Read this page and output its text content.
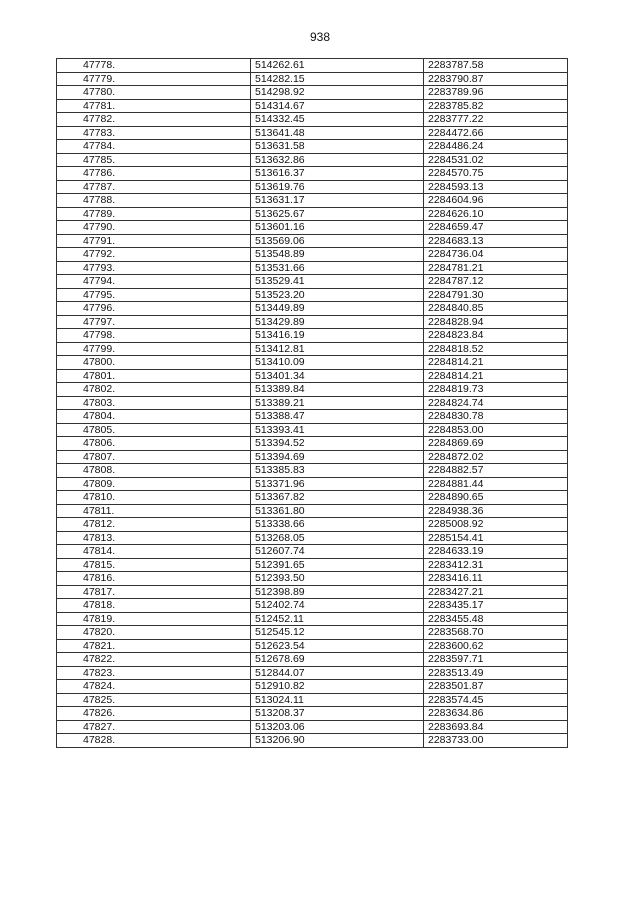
938
47778.	514262.61	2283787.58
47779.	514282.15	2283790.87
47780.	514298.92	2283789.96
47781.	514314.67	2283785.82
47782.	514332.45	2283777.22
47783.	513641.48	2284472.66
47784.	513631.58	2284486.24
47785.	513632.86	2284531.02
47786.	513616.37	2284570.75
47787.	513619.76	2284593.13
47788.	513631.17	2284604.96
47789.	513625.67	2284626.10
47790.	513601.16	2284659.47
47791.	513569.06	2284683.13
47792.	513548.89	2284736.04
47793.	513531.66	2284781.21
47794.	513529.41	2284787.12
47795.	513523.20	2284791.30
47796.	513449.89	2284840.85
47797.	513429.89	2284828.94
47798.	513416.19	2284823.84
47799.	513412.81	2284818.52
47800.	513410.09	2284814.21
47801.	513401.34	2284814.21
47802.	513389.84	2284819.73
47803.	513389.21	2284824.74
47804.	513388.47	2284830.78
47805.	513393.41	2284853.00
47806.	513394.52	2284869.69
47807.	513394.69	2284872.02
47808.	513385.83	2284882.57
47809.	513371.96	2284881.44
47810.	513367.82	2284890.65
47811.	513361.80	2284938.36
47812.	513338.66	2285008.92
47813.	513268.05	2285154.41
47814.	512607.74	2284633.19
47815.	512391.65	2283412.31
47816.	512393.50	2283416.11
47817.	512398.89	2283427.21
47818.	512402.74	2283435.17
47819.	512452.11	2283455.48
47820.	512545.12	2283568.70
47821.	512623.54	2283600.62
47822.	512678.69	2283597.71
47823.	512844.07	2283513.49
47824.	512910.82	2283501.87
47825.	513024.11	2283574.45
47826.	513208.37	2283634.86
47827.	513203.06	2283693.84
47828.	513206.90	2283733.00
